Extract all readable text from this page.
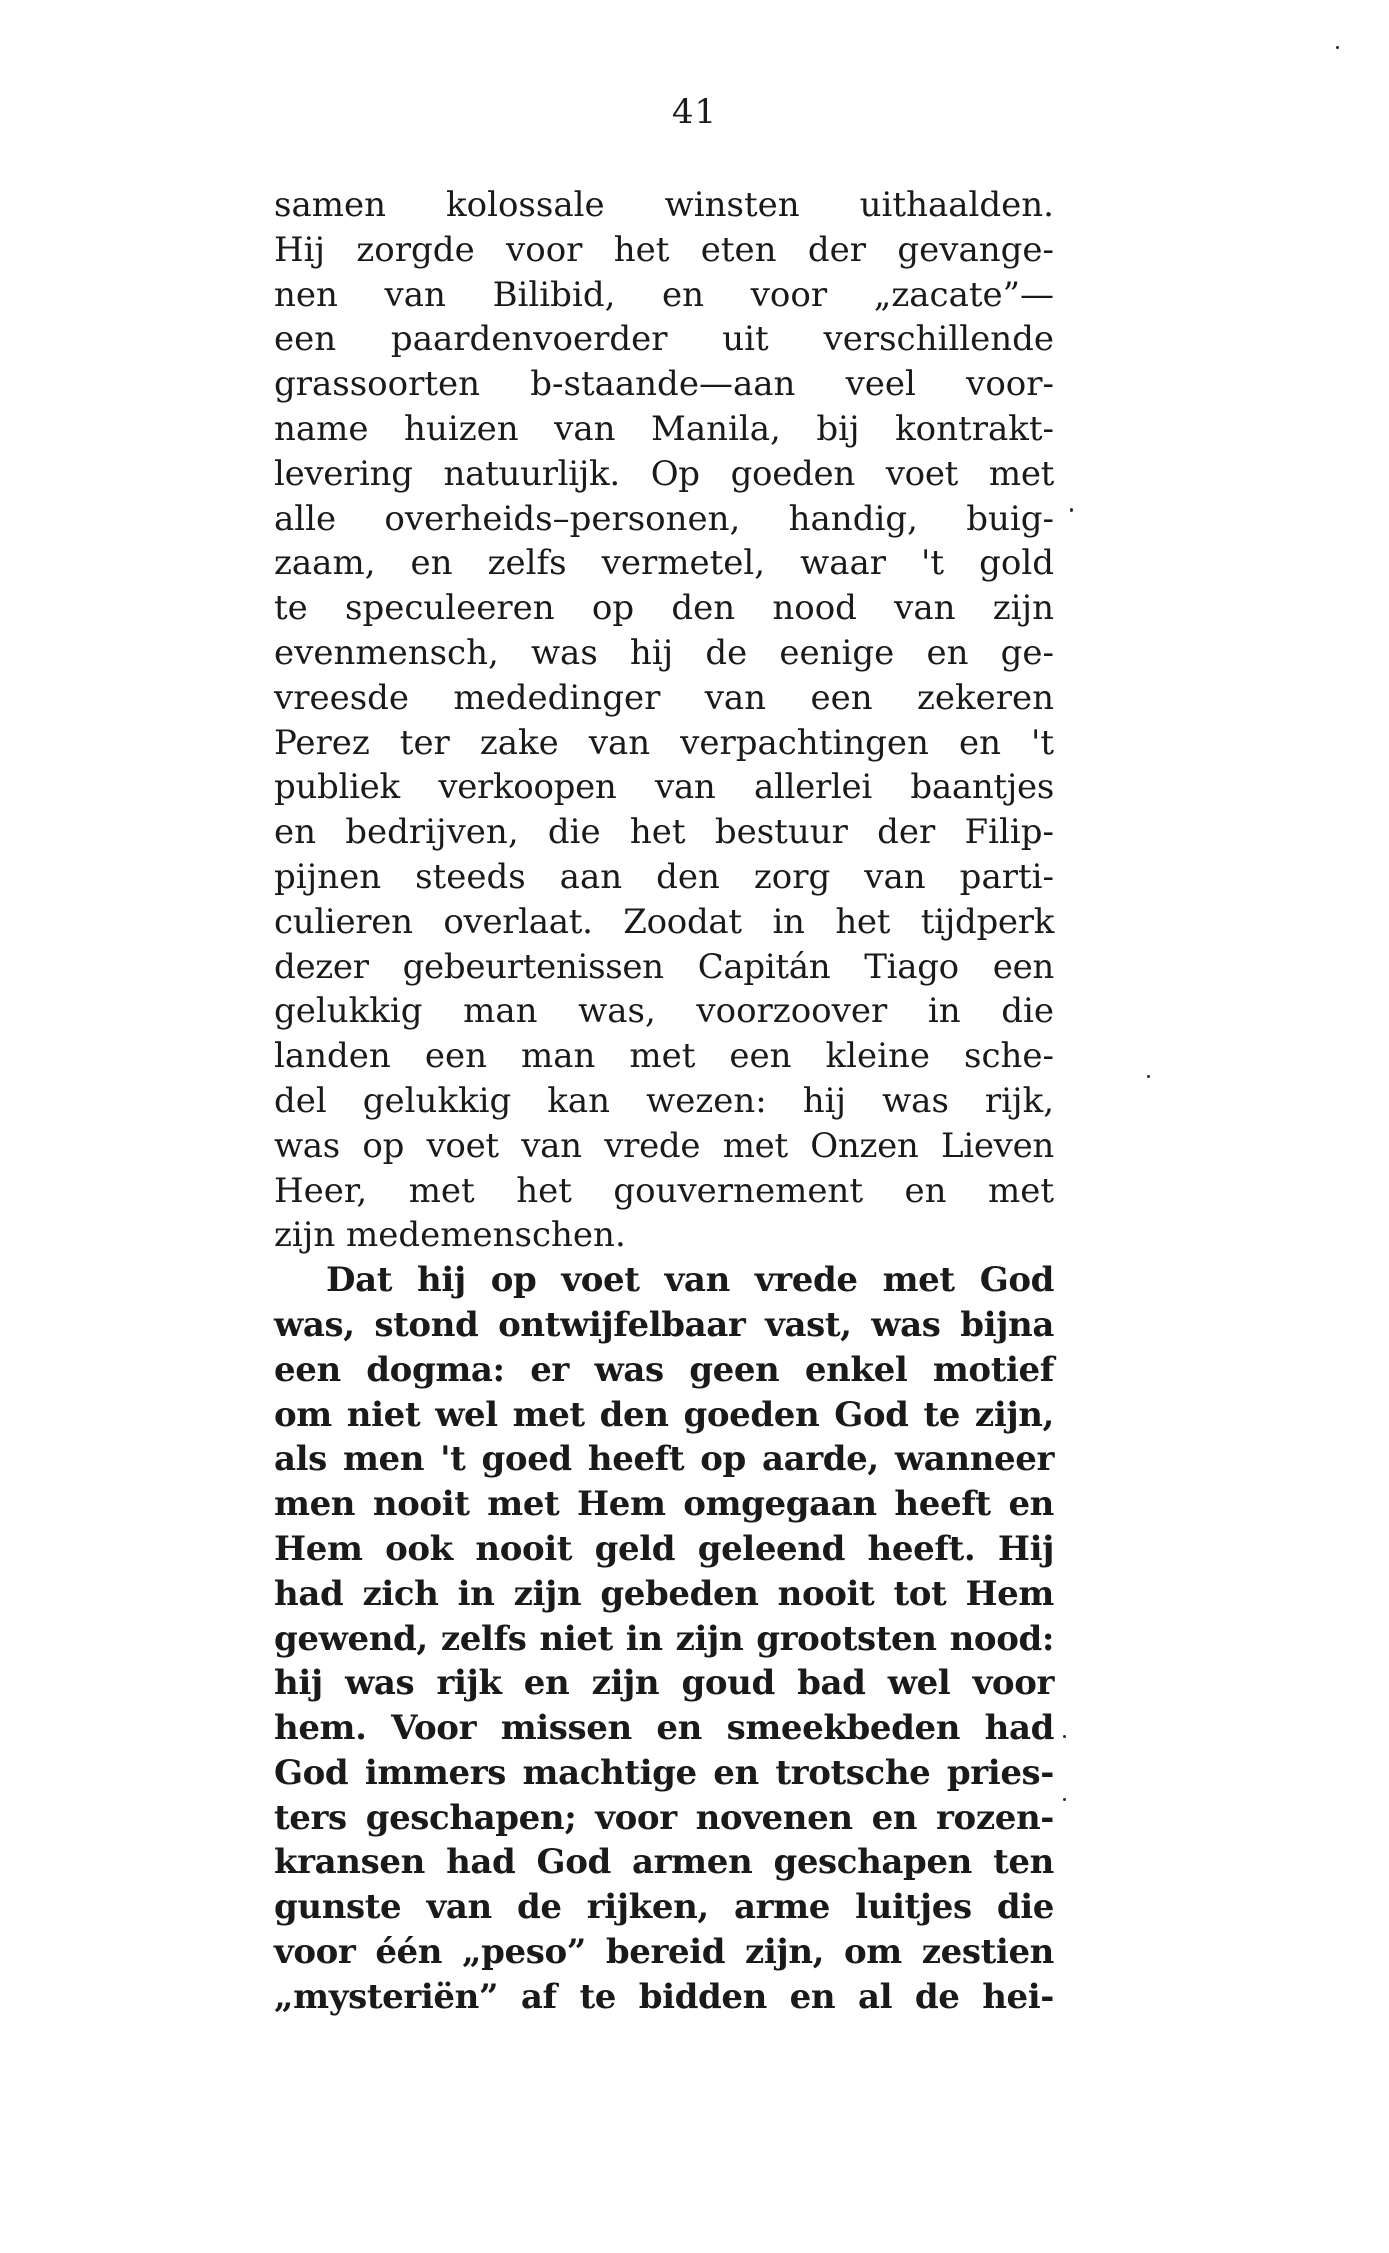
41
samen kolossale winsten uithaalden.
Hij zorgde voor het eten der gevange-
nen van Bilibid, en voor „zacate”—
een paardenvoerder uit verschillende
grassoorten b-staande—aan veel voor-
name huizen van Manila, bij kontrakt-
levering natuurlijk. Op goeden voet met
alle overheids–personen, handig, buig-
zaam, en zelfs vermetel, waar 't gold
te speculeeren op den nood van zijn
evenmensch, was hij de eenige en ge-
vreesde mededinger van een zekeren
Perez ter zake van verpachtingen en 't
publiek verkoopen van allerlei baantjes
en bedrijven, die het bestuur der Filip-
pijnen steeds aan den zorg van parti-
culieren overlaat. Zoodat in het tijdperk
dezer gebeurtenissen Capitán Tiago een
gelukkig man was, voorzoover in die
landen een man met een kleine sche-
del gelukkig kan wezen: hij was rijk,
was op voet van vrede met Onzen Lieven
Heer, met het gouvernement en met
zijn medemenschen.
Dat hij op voet van vrede met God
was, stond ontwijfelbaar vast, was bijna
een dogma: er was geen enkel motief
om niet wel met den goeden God te zijn,
als men 't goed heeft op aarde, wanneer
men nooit met Hem omgegaan heeft en
Hem ook nooit geld geleend heeft. Hij
had zich in zijn gebeden nooit tot Hem
gewend, zelfs niet in zijn grootsten nood:
hij was rijk en zijn goud bad wel voor
hem. Voor missen en smeekbeden had
God immers machtige en trotsche pries-
ters geschapen; voor novenen en rozen-
kransen had God armen geschapen ten
gunste van de rijken, arme luitjes die
voor één „peso” bereid zijn, om zestien
„mysteriën” af te bidden en al de hei-
